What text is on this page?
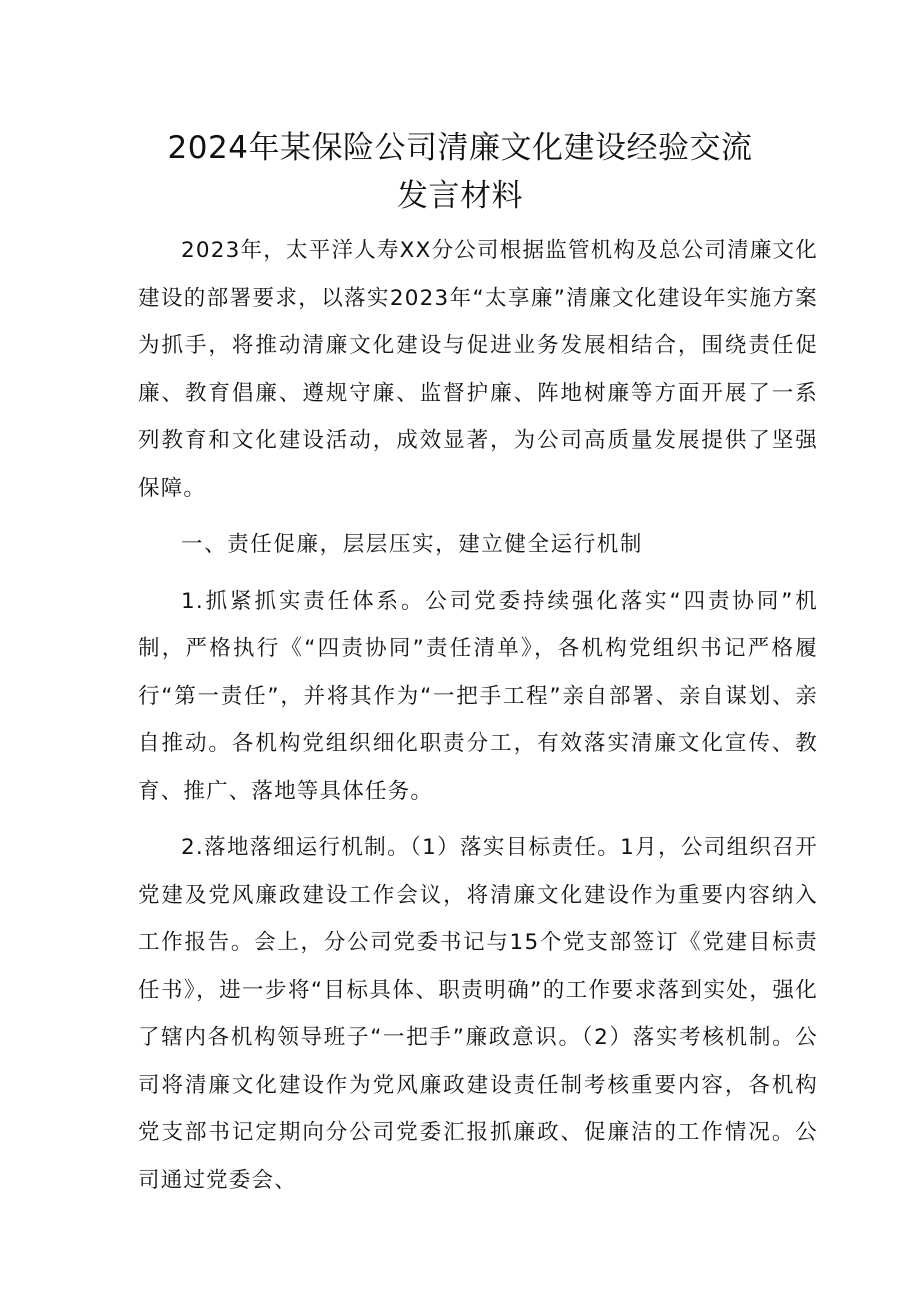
2024年某保险公司清廉文化建设经验交流
发言材料

2023年，太平洋人寿XX分公司根据监管机构及总公司清廉文化建设的部署要求，以落实2023年“太享廉”清廉文化建设年实施方案为抓手，将推动清廉文化建设与促进业务发展相结合，围绕责任促廉、教育倡廉、遵规守廉、监督护廉、阵地树廉等方面开展了一系列教育和文化建设活动，成效显著，为公司高质量发展提供了坚强保障。

一、责任促廉，层层压实，建立健全运行机制

1.抓紧抓实责任体系。公司党委持续强化落实“四责协同”机制，严格执行《“四责协同”责任清单》，各机构党组织书记严格履行“第一责任”，并将其作为“一把手工程”亲自部署、亲自谋划、亲自推动。各机构党组织细化职责分工，有效落实清廉文化宣传、教育、推广、落地等具体任务。

2.落地落细运行机制。（1）落实目标责任。1月，公司组织召开党建及党风廉政建设工作会议，将清廉文化建设作为重要内容纳入工作报告。会上，分公司党委书记与15个党支部签订《党建目标责任书》，进一步将“目标具体、职责明确”的工作要求落到实处，强化了辖内各机构领导班子“一把手”廉政意识。（2）落实考核机制。公司将清廉文化建设作为党风廉政建设责任制考核重要内容，各机构党支部书记定期向分公司党委汇报抓廉政、促廉洁的工作情况。公司通过党委会、
